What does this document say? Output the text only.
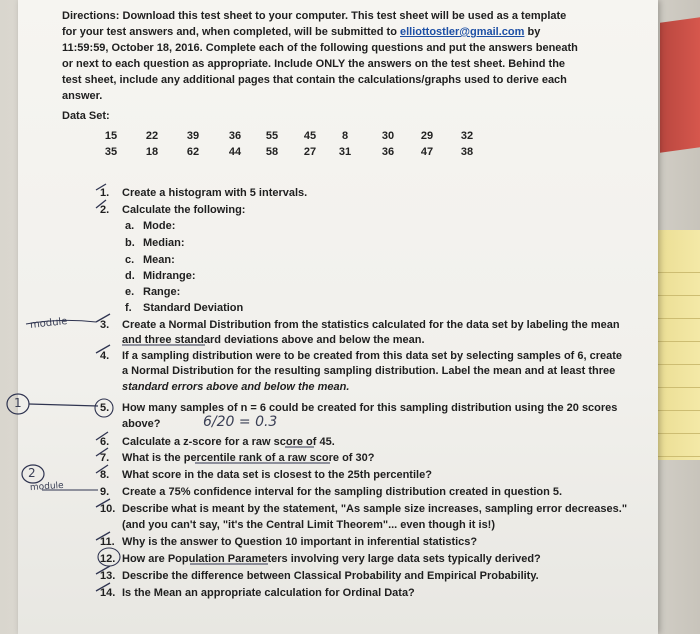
Directions: Download this test sheet to your computer. This test sheet will be used as a template for your test answers and, when completed, will be submitted to elliottostler@gmail.com by 11:59:59, October 18, 2016. Complete each of the following questions and put the answers beneath or next to each question as appropriate. Include ONLY the answers on the test sheet. Behind the test sheet, include any additional pages that contain the calculations/graphs used to derive each answer.

Data Set:
15	22	39	36	55	45	8	30	29	32
35	18	62	44	58	27	31	36	47	38
1. Create a histogram with 5 intervals.
2. Calculate the following:
a. Mode:
b. Median:
c. Mean:
d. Midrange:
e. Range:
f. Standard Deviation
3. Create a Normal Distribution from the statistics calculated for the data set by labeling the mean
and three standard deviations above and below the mean.
4. If a sampling distribution were to be created from this data set by selecting samples of 6, create
a Normal Distribution for the resulting sampling distribution. Label the mean and at least three
standard errors above and below the mean.
5. How many samples of n = 6 could be created for this sampling distribution using the 20 scores
above?
6. Calculate a z-score for a raw score of 45.
7. What is the percentile rank of a raw score of 30?
8. What score in the data set is closest to the 25th percentile?
9. Create a 75% confidence interval for the sampling distribution created in question 5.
10. Describe what is meant by the statement, "As sample size increases, sampling error decreases."
(and you can't say, "it's the Central Limit Theorem"... even though it is!)
11. Why is the answer to Question 10 important in inferential statistics?
12. How are Population Parameters involving very large data sets typically derived?
13. Describe the difference between Classical Probability and Empirical Probability.
14. Is the Mean an appropriate calculation for Ordinal Data?
module
6/20 = 0.3
1
2
module
